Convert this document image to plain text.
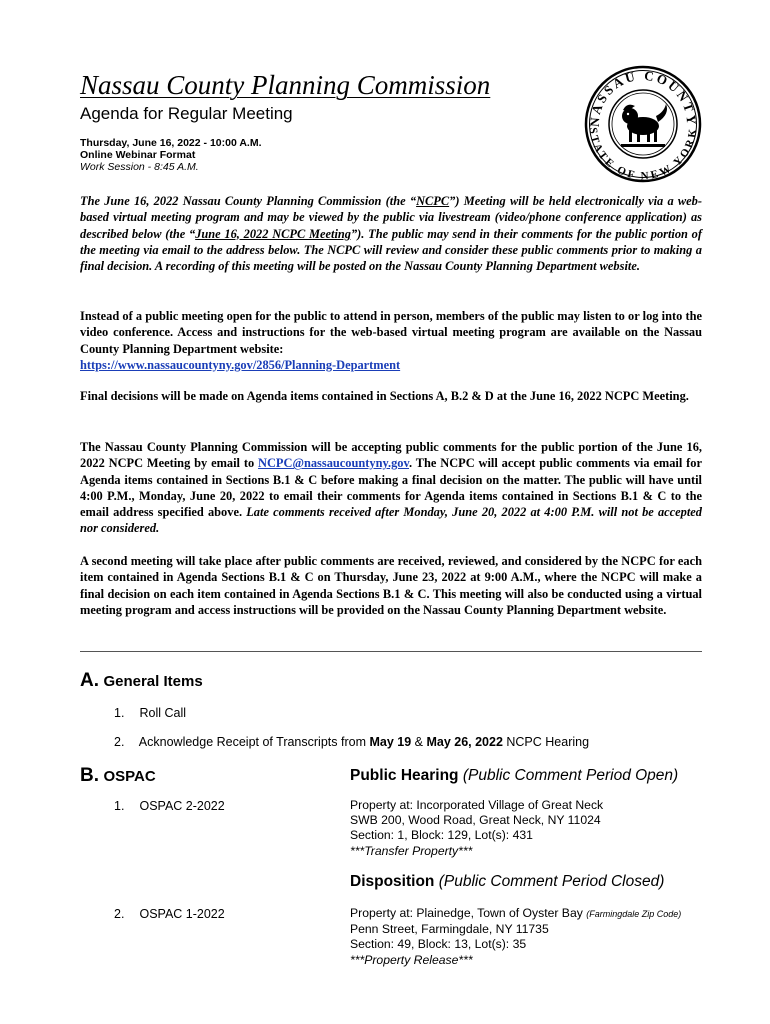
Nassau County Planning Commission
Agenda for Regular Meeting
Thursday, June 16, 2022 - 10:00 A.M.
Online Webinar Format
Work Session - 8:45 A.M.
NASSAU COUNTY
STATE OF NEW YORK
The June 16, 2022 Nassau County Planning Commission (the “NCPC”) Meeting will be held electronically via a web-based virtual meeting program and may be viewed by the public via livestream (video/phone conference application) as described below (the “June 16, 2022 NCPC Meeting”). The public may send in their comments for the public portion of the meeting via email to the address below. The NCPC will review and consider these public comments prior to making a final decision. A recording of this meeting will be posted on the Nassau County Planning Department website.
Instead of a public meeting open for the public to attend in person, members of the public may listen to or log into the video conference. Access and instructions for the web-based virtual meeting program are available on the Nassau County Planning Department website:
https://www.nassaucountyny.gov/2856/Planning-Department
Final decisions will be made on Agenda items contained in Sections A, B.2 & D at the June 16, 2022 NCPC Meeting.
The Nassau County Planning Commission will be accepting public comments for the public portion of the June 16, 2022 NCPC Meeting by email to NCPC@nassaucountyny.gov. The NCPC will accept public comments via email for Agenda items contained in Sections B.1 & C before making a final decision on the matter. The public will have until 4:00 P.M., Monday, June 20, 2022 to email their comments for Agenda items contained in Sections B.1 & C to the email address specified above. Late comments received after Monday, June 20, 2022 at 4:00 P.M. will not be accepted nor considered.
A second meeting will take place after public comments are received, reviewed, and considered by the NCPC for each item contained in Agenda Sections B.1 & C on Thursday, June 23, 2022 at 9:00 A.M., where the NCPC will make a final decision on each item contained in Agenda Sections B.1 & C. This meeting will also be conducted using a virtual meeting program and access instructions will be provided on the Nassau County Planning Department website.
A. General Items
1. Roll Call
2. Acknowledge Receipt of Transcripts from May 19 & May 26, 2022 NCPC Hearing
B. OSPAC	Public Hearing (Public Comment Period Open)
1. OSPAC 2-2022	Property at: Incorporated Village of Great Neck
SWB 200, Wood Road, Great Neck, NY 11024
Section: 1, Block: 129, Lot(s): 431
***Transfer Property***
Disposition (Public Comment Period Closed)
2. OSPAC 1-2022	Property at: Plainedge, Town of Oyster Bay (Farmingdale Zip Code)
Penn Street, Farmingdale, NY 11735
Section: 49, Block: 13, Lot(s): 35
***Property Release***
